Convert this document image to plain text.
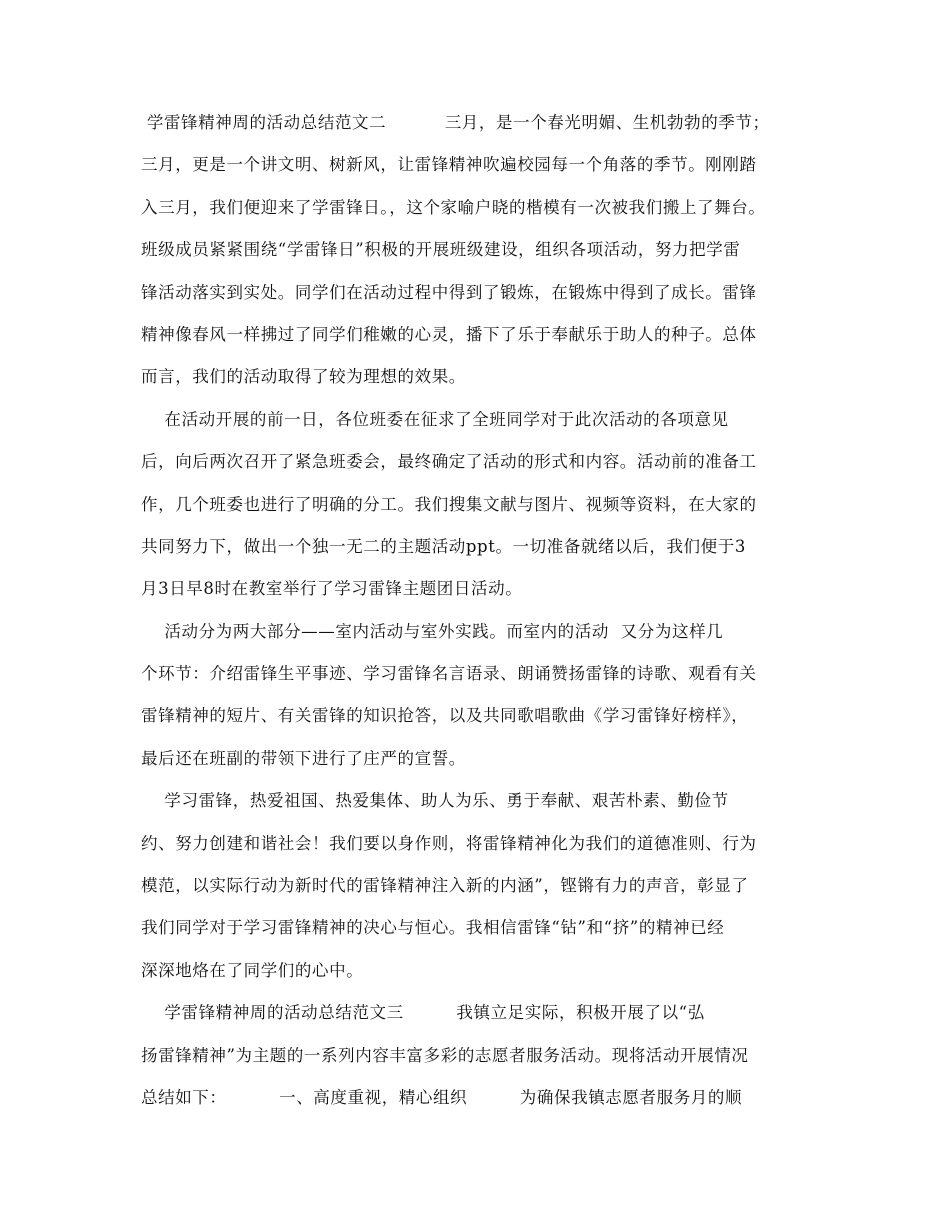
学雷锋精神周的活动总结范文二          三月，是一个春光明媚、生机勃勃的季节；
三月，更是一个讲文明、树新风，让雷锋精神吹遍校园每一个角落的季节。刚刚踏
入三月，我们便迎来了学雷锋日。，这个家喻户晓的楷模有一次被我们搬上了舞台。
班级成员紧紧围绕“学雷锋日”积极的开展班级建设，组织各项活动，努力把学雷
锋活动落实到实处。同学们在活动过程中得到了锻炼，在锻炼中得到了成长。雷锋
精神像春风一样拂过了同学们稚嫩的心灵，播下了乐于奉献乐于助人的种子。总体
而言，我们的活动取得了较为理想的效果。
在活动开展的前一日，各位班委在征求了全班同学对于此次活动的各项意见
后，向后两次召开了紧急班委会，最终确定了活动的形式和内容。活动前的准备工
作，几个班委也进行了明确的分工。我们搜集文献与图片、视频等资料，在大家的
共同努力下，做出一个独一无二的主题活动ppt。一切准备就绪以后，我们便于3
月3日早8时在教室举行了学习雷锋主题团日活动。
活动分为两大部分——室内活动与室外实践。而室内的活动  又分为这样几
个环节：介绍雷锋生平事迹、学习雷锋名言语录、朗诵赞扬雷锋的诗歌、观看有关
雷锋精神的短片、有关雷锋的知识抢答，以及共同歌唱歌曲《学习雷锋好榜样》，
最后还在班副的带领下进行了庄严的宣誓。
学习雷锋，热爱祖国、热爱集体、助人为乐、勇于奉献、艰苦朴素、勤俭节
约、努力创建和谐社会！我们要以身作则，将雷锋精神化为我们的道德准则、行为
模范，以实际行动为新时代的雷锋精神注入新的内涵”，铿锵有力的声音，彰显了
我们同学对于学习雷锋精神的决心与恒心。我相信雷锋“钻”和“挤”的精神已经
深深地烙在了同学们的心中。
学雷锋精神周的活动总结范文三         我镇立足实际，积极开展了以“弘
扬雷锋精神”为主题的一系列内容丰富多彩的志愿者服务活动。现将活动开展情况
总结如下：         一、高度重视，精心组织         为确保我镇志愿者服务月的顺
